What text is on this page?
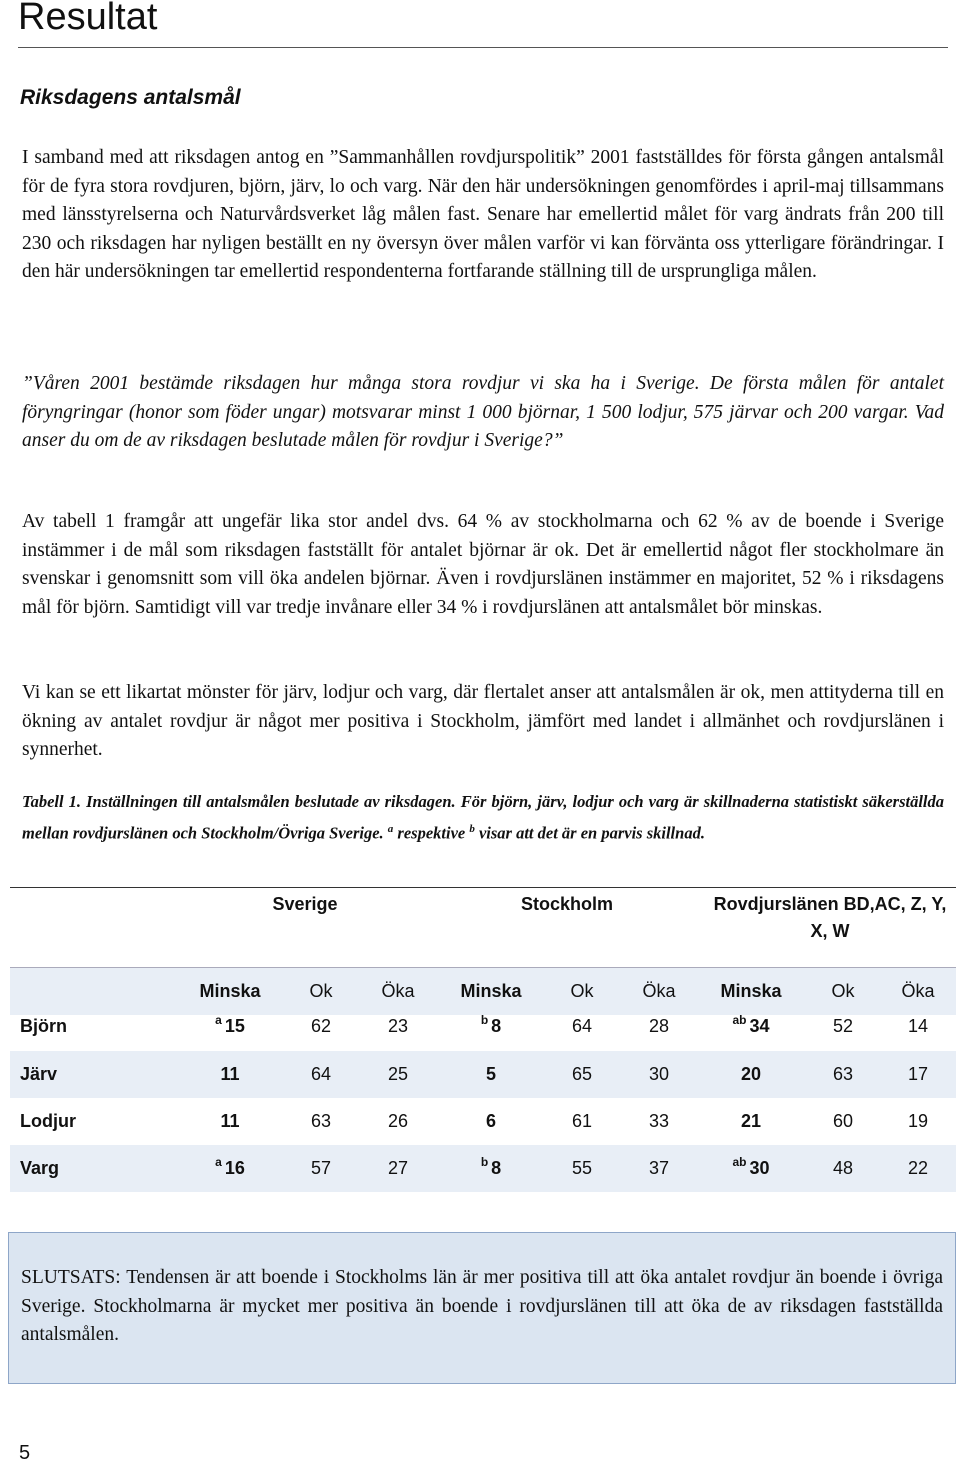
Resultat
Riksdagens antalsmål

I samband med att riksdagen antog en ”Sammanhållen rovdjurspolitik” 2001 fastställdes för första gången antalsmål för de fyra stora rovdjuren, björn, järv, lo och varg. När den här undersökningen genomfördes i april-maj tillsammans med länsstyrelserna och Naturvårdsverket låg målen fast. Senare har emellertid målet för varg ändrats från 200 till 230 och riksdagen har nyligen beställt en ny översyn över målen varför vi kan förvänta oss ytterligare förändringar. I den här undersökningen tar emellertid respondenterna fortfarande ställning till de ursprungliga målen.

”Våren 2001 bestämde riksdagen hur många stora rovdjur vi ska ha i Sverige. De första målen för antalet föryngringar (honor som föder ungar) motsvarar minst 1 000 björnar, 1 500 lodjur, 575 järvar och 200 vargar. Vad anser du om de av riksdagen beslutade målen för rovdjur i Sverige?”

Av tabell 1 framgår att ungefär lika stor andel dvs. 64 % av stockholmarna och 62 % av de boende i Sverige instämmer i de mål som riksdagen fastställt för antalet björnar är ok. Det är emellertid något fler stockholmare än svenskar i genomsnitt som vill öka andelen björnar. Även i rovdjurslänen instämmer en majoritet, 52 % i riksdagens mål för björn. Samtidigt vill var tredje invånare eller 34 % i rovdjurslänen att antalsmålet bör minskas.

Vi kan se ett likartat mönster för järv, lodjur och varg, där flertalet anser att antalsmålen är ok, men attityderna till en ökning av antalet rovdjur är något mer positiva i Stockholm, jämfört med landet i allmänhet och rovdjurslänen i synnerhet.

Tabell 1. Inställningen till antalsmålen beslutade av riksdagen. För björn, järv, lodjur och varg är skillnaderna statistiskt säkerställda mellan rovdjurslänen och Stockholm/Övriga Sverige. $^a$ respektive $^b$ visar att det är en parvis skillnad.

Sverige	Stockholm	Rovdjurslänen BD,AC, Z, Y, X, W
Minska	Ok	Öka	Minska	Ok	Öka	Minska	Ok	Öka
Björn	$^a$ 15	62	23	$^b$ 8	64	28	$^{ab}$ 34	52	14
Järv	11	64	25	5	65	30	20	63	17
Lodjur	11	63	26	6	61	33	21	60	19
Varg	$^a$ 16	57	27	$^b$ 8	55	37	$^{ab}$ 30	48	22

SLUTSATS: Tendensen är att boende i Stockholms län är mer positiva till att öka antalet rovdjur än boende i övriga Sverige. Stockholmarna är mycket mer positiva än boende i rovdjurslänen till att öka de av riksdagen fastställda antalsmålen.

5
